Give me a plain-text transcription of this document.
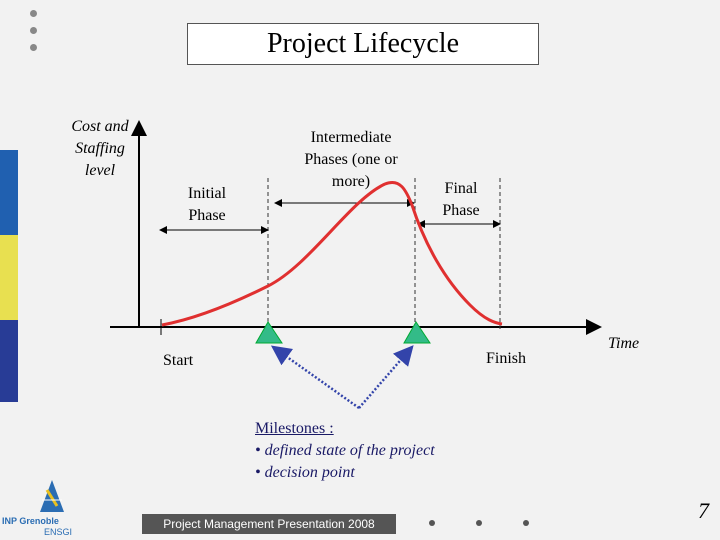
Project Lifecycle
Cost and Staffing level
Time
Initial Phase
Intermediate Phases (one or more)	Final Phase
Start	Finish
Milestones :
• defined state of the project
• decision point
Project Management Presentation 2008
7
INP Grenoble
ENSGI
